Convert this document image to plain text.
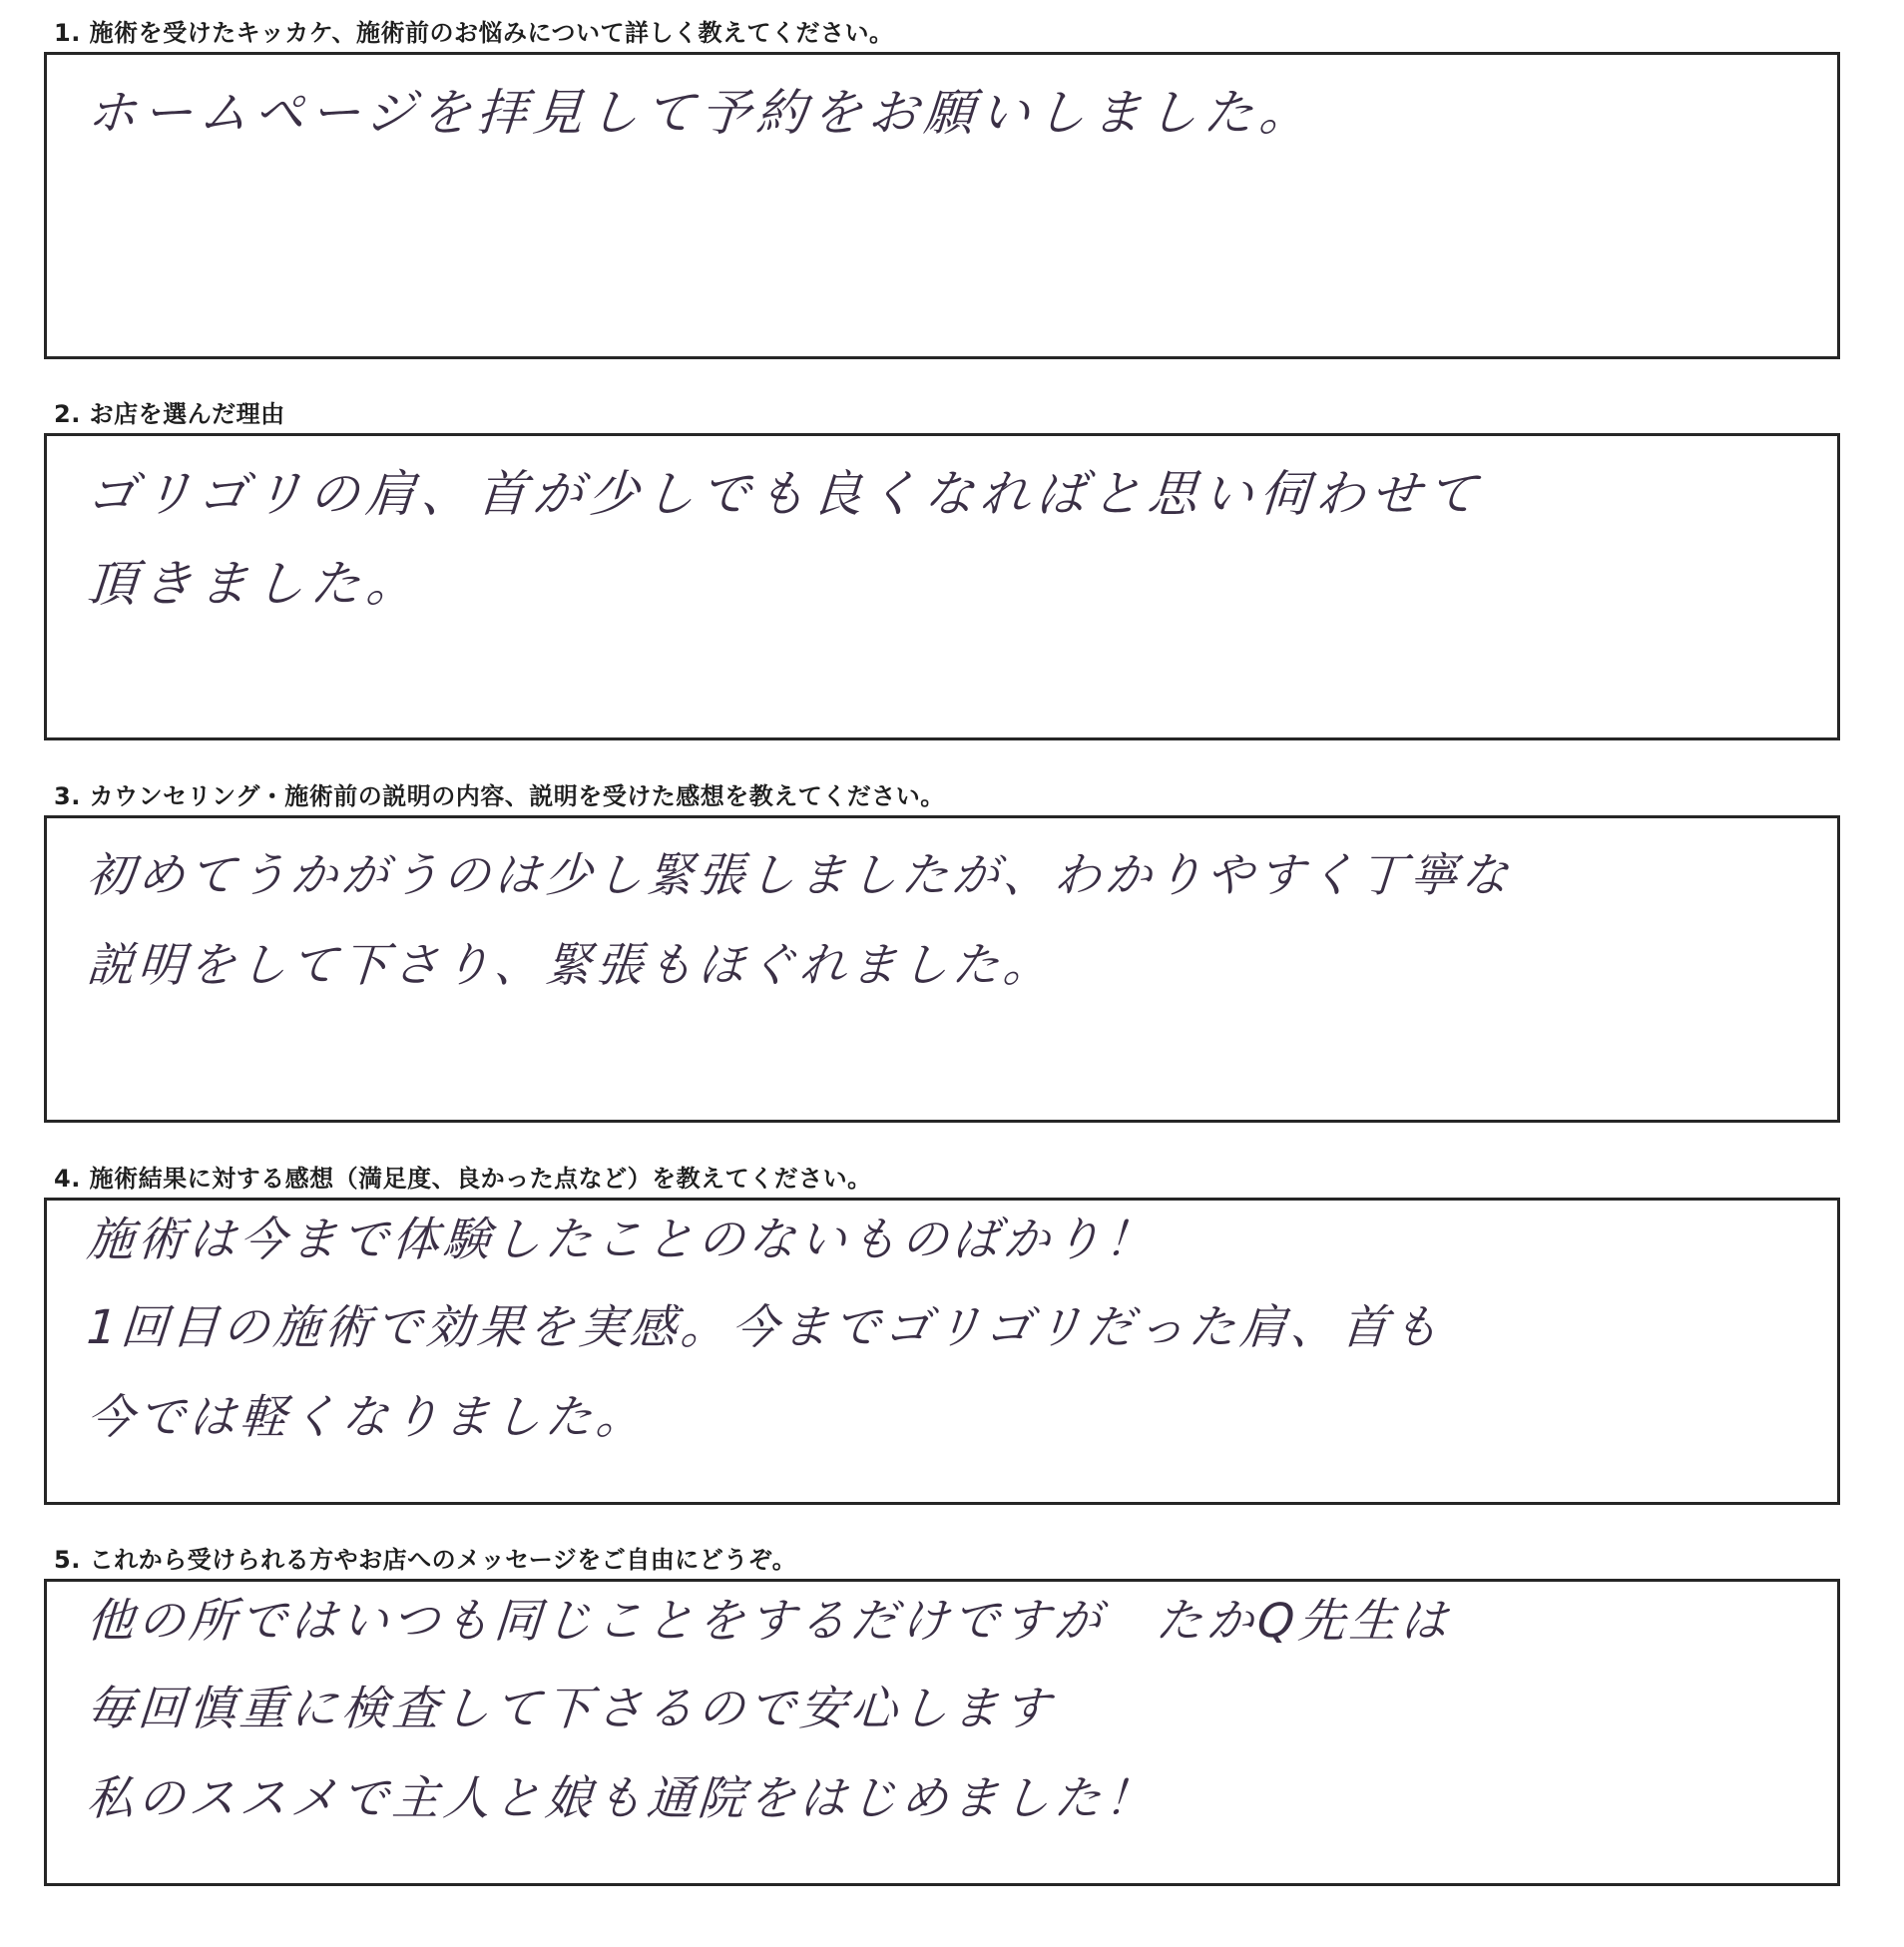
1. 施術を受けたキッカケ、施術前のお悩みについて詳しく教えてください。
ホームページを拝見して予約をお願いしました。
2. お店を選んだ理由
ゴリゴリの肩、首が少しでも良くなればと思い伺わせて
頂きました。
3. カウンセリング・施術前の説明の内容、説明を受けた感想を教えてください。
初めてうかがうのは少し緊張しましたが、わかりやすく丁寧な
説明をして下さり、緊張もほぐれました。
4. 施術結果に対する感想（満足度、良かった点など）を教えてください。
施術は今まで体験したことのないものばかり！
1回目の施術で効果を実感。今までゴリゴリだった肩、首も
今では軽くなりました。
5. これから受けられる方やお店へのメッセージをご自由にどうぞ。
他の所ではいつも同じことをするだけですが　たかQ先生は
毎回慎重に検査して下さるので安心します
私のススメで主人と娘も通院をはじめました！
